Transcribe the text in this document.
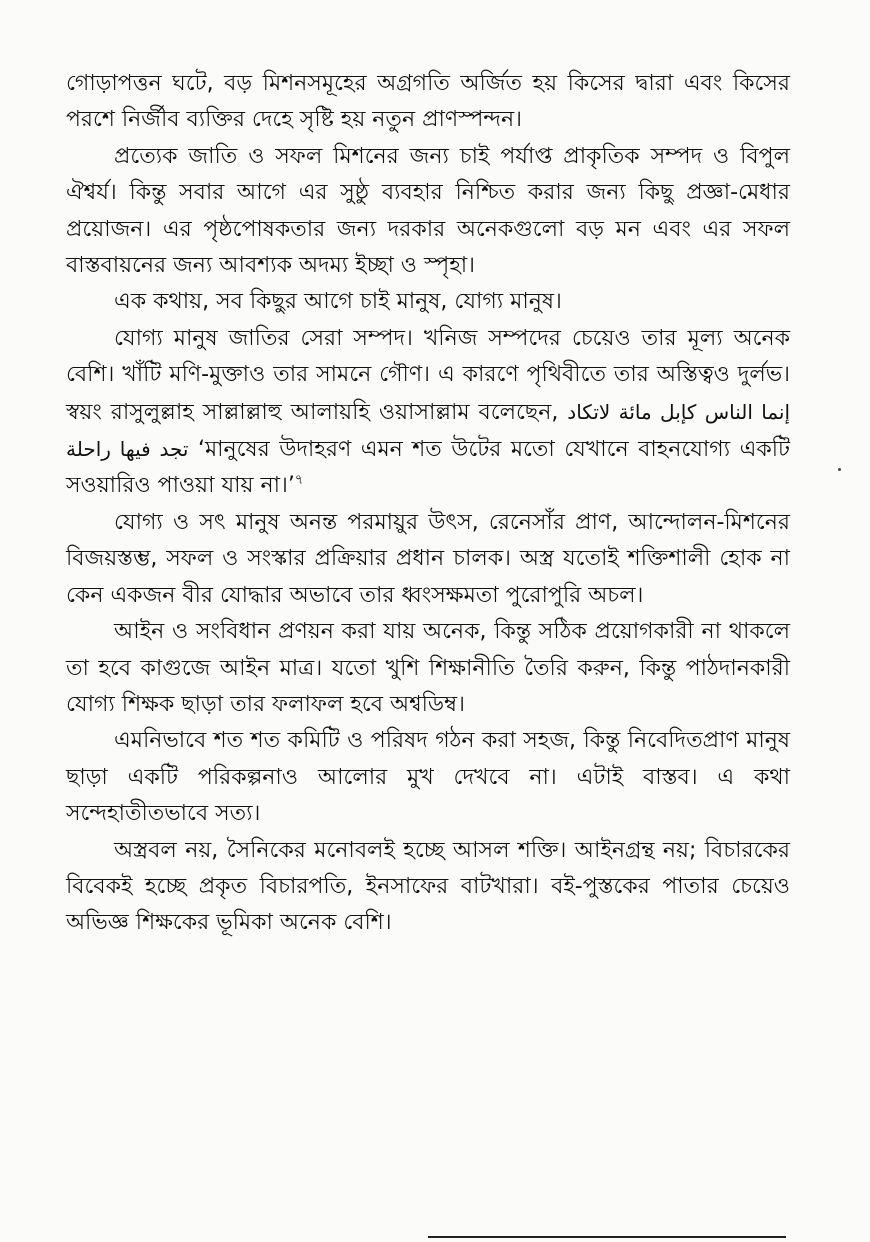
গোড়াপত্তন ঘটে, বড় মিশনসমূহের অগ্রগতি অর্জিত হয় কিসের দ্বারা এবং কিসের পরশে নির্জীব ব্যক্তির দেহে সৃষ্টি হয় নতুন প্রাণস্পন্দন।

প্রত্যেক জাতি ও সফল মিশনের জন্য চাই পর্যাপ্ত প্রাকৃতিক সম্পদ ও বিপুল ঐশ্বর্য। কিন্তু সবার আগে এর সুষ্ঠু ব্যবহার নিশ্চিত করার জন্য কিছু প্রজ্ঞা-মেধার প্রয়োজন। এর পৃষ্ঠপোষকতার জন্য দরকার অনেকগুলো বড় মন এবং এর সফল বাস্তবায়নের জন্য আবশ্যক অদম্য ইচ্ছা ও স্পৃহা।

এক কথায়, সব কিছুর আগে চাই মানুষ, যোগ্য মানুষ।

যোগ্য মানুষ জাতির সেরা সম্পদ। খনিজ সম্পদের চেয়েও তার মূল্য অনেক বেশি। খাঁটি মণি-মুক্তাও তার সামনে গৌণ। এ কারণে পৃথিবীতে তার অস্তিত্বও দুর্লভ। স্বয়ং রাসুলুল্লাহ সাল্লাল্লাহু আলায়হি ওয়াসাল্লাম বলেছেন, إنما الناس كإبل مائة لاتكاد تجد فيها راحلة ‘মানুষের উদাহরণ এমন শত উটের মতো যেখানে বাহনযোগ্য একটি সওয়ারিও পাওয়া যায় না।’$^৭$

যোগ্য ও সৎ মানুষ অনন্ত পরমায়ুর উৎস, রেনেসাঁর প্রাণ, আন্দোলন-মিশনের বিজয়স্তম্ভ, সফল ও সংস্কার প্রক্রিয়ার প্রধান চালক। অস্ত্র যতোই শক্তিশালী হোক না কেন একজন বীর যোদ্ধার অভাবে তার ধ্বংসক্ষমতা পুরোপুরি অচল।

আইন ও সংবিধান প্রণয়ন করা যায় অনেক, কিন্তু সঠিক প্রয়োগকারী না থাকলে তা হবে কাগুজে আইন মাত্র। যতো খুশি শিক্ষানীতি তৈরি করুন, কিন্তু পাঠদানকারী যোগ্য শিক্ষক ছাড়া তার ফলাফল হবে অশ্বডিম্ব।

এমনিভাবে শত শত কমিটি ও পরিষদ গঠন করা সহজ, কিন্তু নিবেদিতপ্রাণ মানুষ ছাড়া একটি পরিকল্পনাও আলোর মুখ দেখবে না। এটাই বাস্তব। এ কথা সন্দেহাতীতভাবে সত্য।

অস্ত্রবল নয়, সৈনিকের মনোবলই হচ্ছে আসল শক্তি। আইনগ্রন্থ নয়; বিচারকের বিবেকই হচ্ছে প্রকৃত বিচারপতি, ইনসাফের বাটখারা। বই-পুস্তকের পাতার চেয়েও অভিজ্ঞ শিক্ষকের ভূমিকা অনেক বেশি।
